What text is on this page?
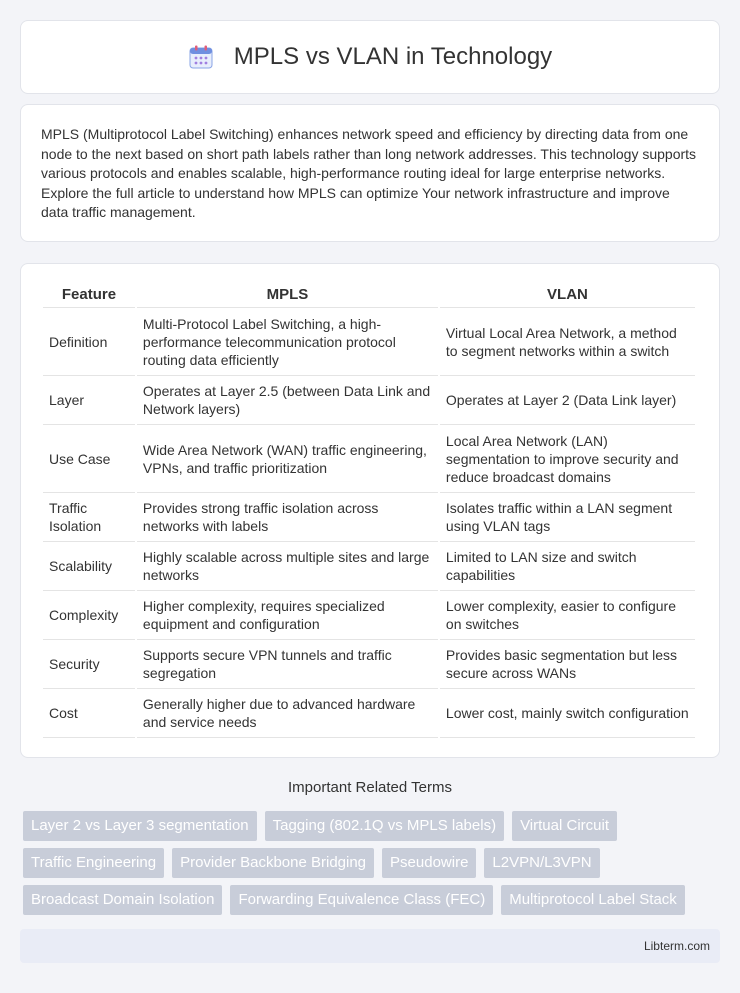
MPLS vs VLAN in Technology

MPLS (Multiprotocol Label Switching) enhances network speed and efficiency by directing data from one node to the next based on short path labels rather than long network addresses. This technology supports various protocols and enables scalable, high-performance routing ideal for large enterprise networks. Explore the full article to understand how MPLS can optimize Your network infrastructure and improve data traffic management.

Feature	MPLS	VLAN
Definition	Multi-Protocol Label Switching, a high-performance telecommunication protocol routing data efficiently	Virtual Local Area Network, a method to segment networks within a switch
Layer	Operates at Layer 2.5 (between Data Link and Network layers)	Operates at Layer 2 (Data Link layer)
Use Case	Wide Area Network (WAN) traffic engineering, VPNs, and traffic prioritization	Local Area Network (LAN) segmentation to improve security and reduce broadcast domains
Traffic Isolation	Provides strong traffic isolation across networks with labels	Isolates traffic within a LAN segment using VLAN tags
Scalability	Highly scalable across multiple sites and large networks	Limited to LAN size and switch capabilities
Complexity	Higher complexity, requires specialized equipment and configuration	Lower complexity, easier to configure on switches
Security	Supports secure VPN tunnels and traffic segregation	Provides basic segmentation but less secure across WANs
Cost	Generally higher due to advanced hardware and service needs	Lower cost, mainly switch configuration
Important Related Terms
Layer 2 vs Layer 3 segmentation	Tagging (802.1Q vs MPLS labels)	Virtual Circuit
Traffic Engineering	Provider Backbone Bridging	Pseudowire	L2VPN/L3VPN
Broadcast Domain Isolation	Forwarding Equivalence Class (FEC)	Multiprotocol Label Stack
Libterm.com
